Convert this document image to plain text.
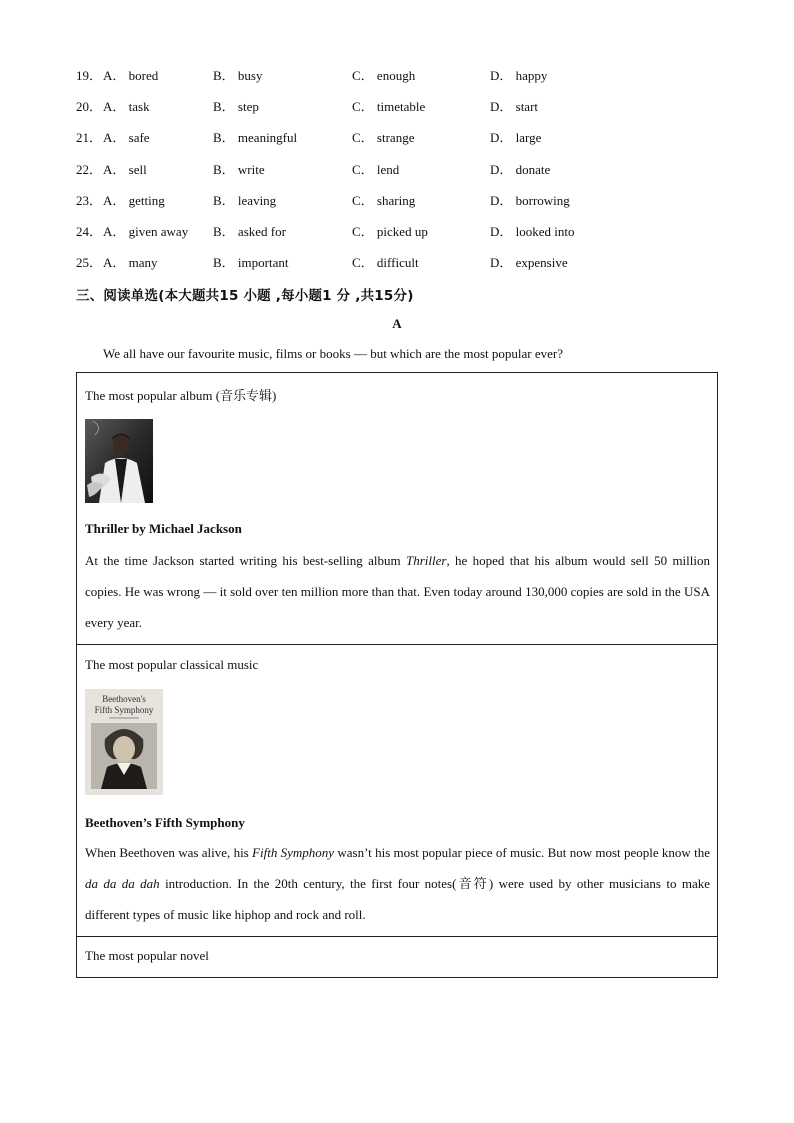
19． A． bored	B． busy	C． enough	D． happy
20． A． task	B． step	C． timetable	D． start
21． A． safe	B． meaningful	C． strange	D． large
22． A． sell	B． write	C． lend	D． donate
23． A． getting	B． leaving	C． sharing	D． borrowing
24． A． given away B． asked for	C． picked up	D． looked into
25． A． many	B． important	C． difficult	D． expensive
三、阅读单选(本大题共15 小题 ,每小题1 分 ,共15分)
A
We all have our favourite music, films or books — but which are the most popular ever?
The most popular album (音乐专辑)
Thriller by Michael Jackson
At the time Jackson started writing his best-selling album Thriller, he hoped that his album would sell 50 million copies. He was wrong — it sold over ten million more than that. Even today around 130,000 copies are sold in the USA every year.
The most popular classical music
Beethoven's
Fifth Symphony
Beethoven’s Fifth Symphony
When Beethoven was alive, his Fifth Symphony wasn’t his most popular piece of music. But now most people know the da da da dah introduction. In the 20th century, the first four notes(音符) were used by other musicians to make different types of music like hiphop and rock and roll.
The most popular novel
